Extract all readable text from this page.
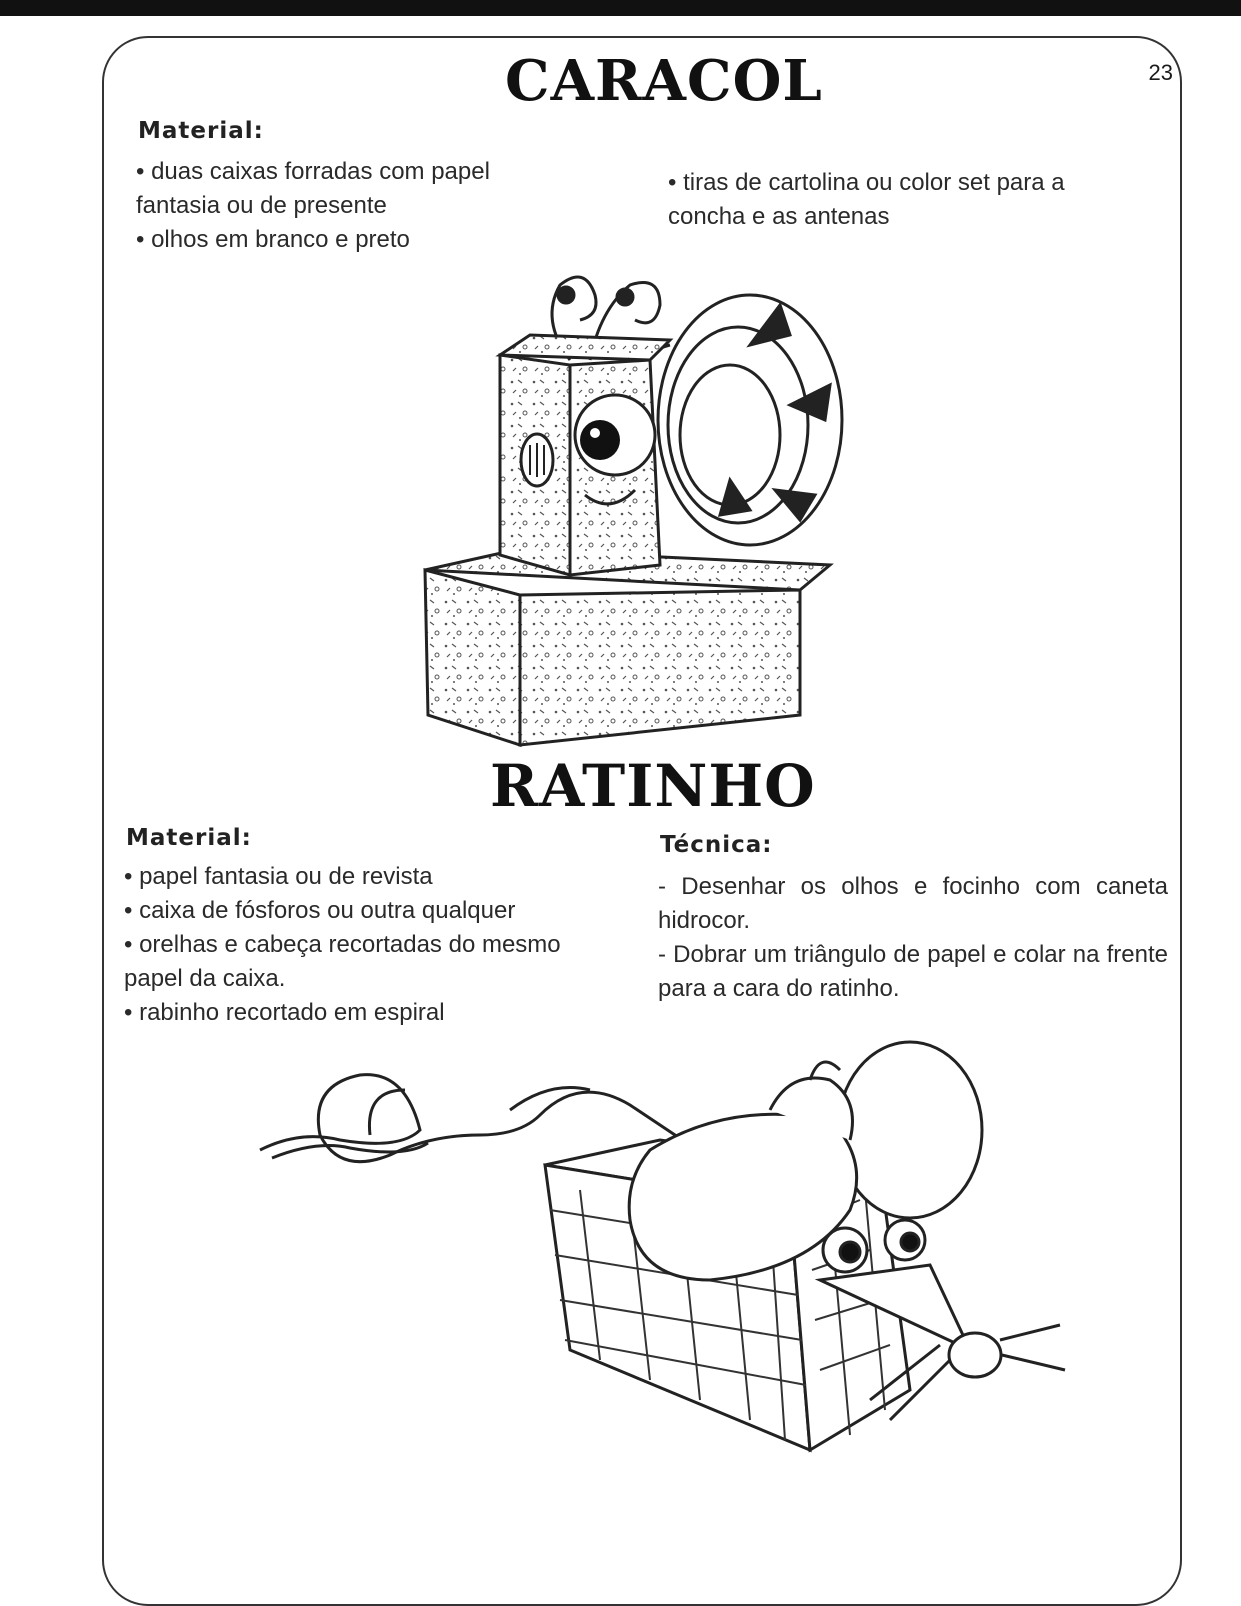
23
CARACOL
Material:
• duas caixas forradas com papel fantasia ou de presente
• olhos em branco e preto
• tiras de cartolina ou color set para a concha e as antenas
RATINHO
Material:
• papel fantasia ou de revista
• caixa de fósforos ou outra qualquer
• orelhas e cabeça recortadas do mesmo papel da caixa.
• rabinho recortado em espiral
Técnica:
- Desenhar os olhos e focinho com caneta hidrocor.
- Dobrar um triângulo de papel e colar na frente para a cara do ratinho.
